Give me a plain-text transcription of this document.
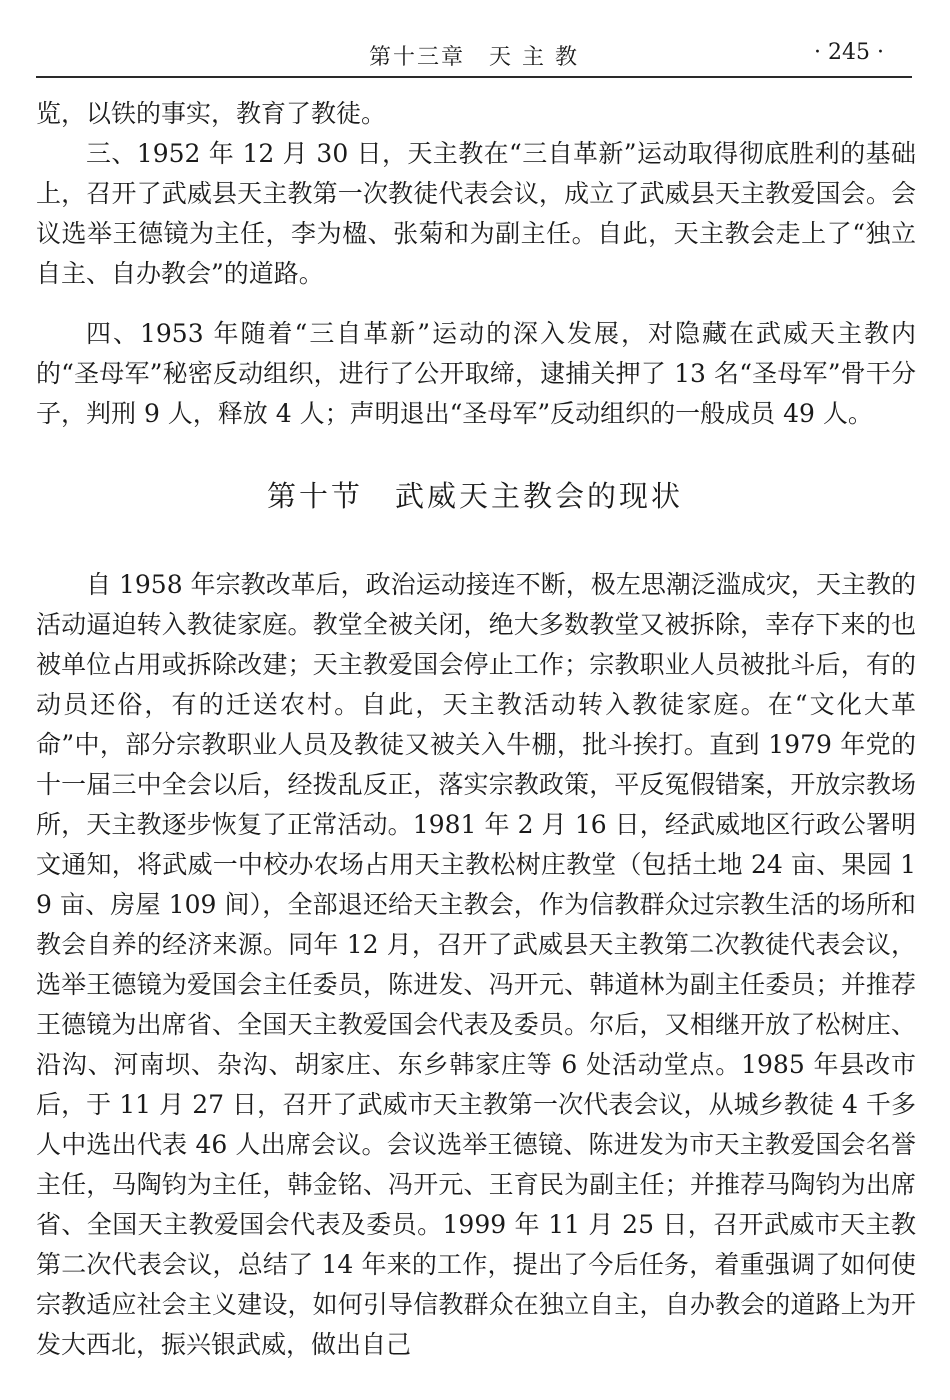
第十三章　天 主 教	· 245 ·

览，以铁的事实，教育了教徒。

三、1952 年 12 月 30 日，天主教在“三自革新”运动取得彻底胜利的基础上，召开了武威县天主教第一次教徒代表会议，成立了武威县天主教爱国会。会议选举王德镜为主任，李为楹、张菊和为副主任。自此，天主教会走上了“独立自主、自办教会”的道路。

四、1953 年随着“三自革新”运动的深入发展，对隐藏在武威天主教内的“圣母军”秘密反动组织，进行了公开取缔，逮捕关押了 13 名“圣母军”骨干分子，判刑 9 人，释放 4 人；声明退出“圣母军”反动组织的一般成员 49 人。

第十节　武威天主教会的现状

自 1958 年宗教改革后，政治运动接连不断，极左思潮泛滥成灾，天主教的活动逼迫转入教徒家庭。教堂全被关闭，绝大多数教堂又被拆除，幸存下来的也被单位占用或拆除改建；天主教爱国会停止工作；宗教职业人员被批斗后，有的动员还俗，有的迁送农村。自此，天主教活动转入教徒家庭。在“文化大革命”中，部分宗教职业人员及教徒又被关入牛棚，批斗挨打。直到 1979 年党的十一届三中全会以后，经拨乱反正，落实宗教政策，平反冤假错案，开放宗教场所，天主教逐步恢复了正常活动。1981 年 2 月 16 日，经武威地区行政公署明文通知，将武威一中校办农场占用天主教松树庄教堂（包括土地 24 亩、果园 19 亩、房屋 109 间），全部退还给天主教会，作为信教群众过宗教生活的场所和教会自养的经济来源。同年 12 月，召开了武威县天主教第二次教徒代表会议，选举王德镜为爱国会主任委员，陈进发、冯开元、韩道林为副主任委员；并推荐王德镜为出席省、全国天主教爱国会代表及委员。尔后，又相继开放了松树庄、沿沟、河南坝、杂沟、胡家庄、东乡韩家庄等 6 处活动堂点。1985 年县改市后，于 11 月 27 日，召开了武威市天主教第一次代表会议，从城乡教徒 4 千多人中选出代表 46 人出席会议。会议选举王德镜、陈进发为市天主教爱国会名誉主任，马陶钧为主任，韩金铭、冯开元、王育民为副主任；并推荐马陶钧为出席省、全国天主教爱国会代表及委员。1999 年 11 月 25 日，召开武威市天主教第二次代表会议，总结了 14 年来的工作，提出了今后任务，着重强调了如何使宗教适应社会主义建设，如何引导信教群众在独立自主，自办教会的道路上为开发大西北，振兴银武威，做出自己
